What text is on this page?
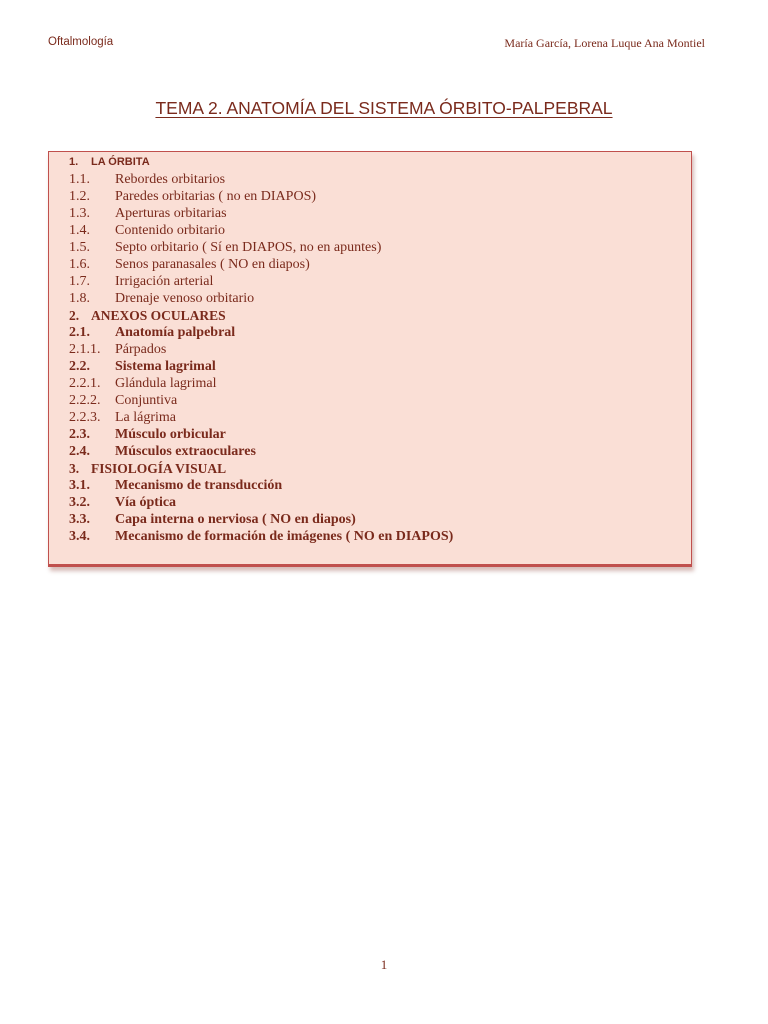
Oftalmología	María García, Lorena Luque Ana Montiel
TEMA 2. ANATOMÍA DEL SISTEMA ÓRBITO-PALPEBRAL
1. LA ÓRBITA
1.1. Rebordes orbitarios
1.2. Paredes orbitarias ( no en DIAPOS)
1.3. Aperturas orbitarias
1.4. Contenido orbitario
1.5. Septo orbitario ( Sí en DIAPOS, no en apuntes)
1.6. Senos paranasales ( NO en diapos)
1.7. Irrigación arterial
1.8. Drenaje venoso orbitario
2. ANEXOS OCULARES
2.1. Anatomía palpebral
2.1.1. Párpados
2.2. Sistema lagrimal
2.2.1. Glándula lagrimal
2.2.2. Conjuntiva
2.2.3. La lágrima
2.3. Músculo orbicular
2.4. Músculos extraoculares
3. FISIOLOGÍA VISUAL
3.1. Mecanismo de transducción
3.2. Vía óptica
3.3. Capa interna o nerviosa ( NO en diapos)
3.4. Mecanismo de formación de imágenes ( NO en DIAPOS)
1
